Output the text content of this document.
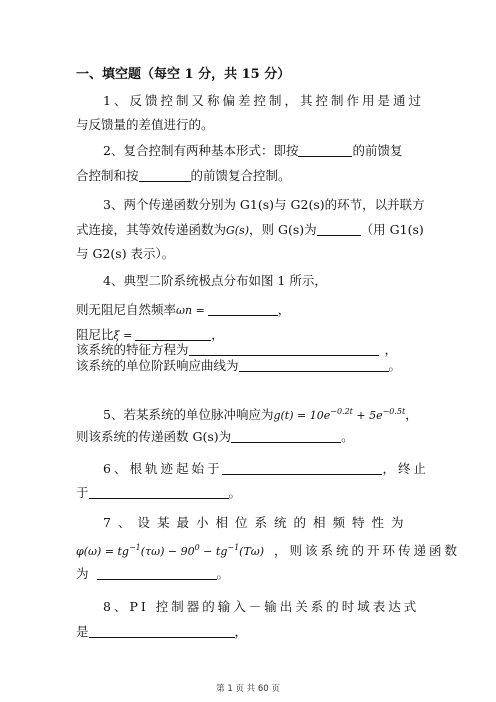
一、填空题（每空 1 分，共 15 分）
1、反馈控制又称偏差控制，其控制作用是通过
与反馈量的差值进行的。
2、复合控制有两种基本形式：即按	的前馈复
合控制和按	的前馈复合控制。
3、两个传递函数分别为 G1(s)与 G2(s)的环节，以并联方
式连接，其等效传递函数为G(s)，则 G(s)为	（用 G1(s)
与 G2(s) 表示）。
4、典型二阶系统极点分布如图 1 所示，
则无阻尼自然频率ωn =	，
阻尼比ξ =	，
该系统的特征方程为	，
该系统的单位阶跃响应曲线为	。
5、若某系统的单位脉冲响应为$g(t) = 10e^{-0.2t} + 5e^{-0.5t}$，
则该系统的传递函数 G(s)为	。
6、根轨迹起始于	，终止
于	。
7、设某最小相位系统的相频特性为
$\varphi(\omega) = tg^{-1}(\tau\omega) - 90^0 - tg^{-1}(T\omega)$ ，则该系统的开环传递函数
为	。
8、PI 控制器的输入－输出关系的时域表达式
是	，
第 1 页 共 60 页
